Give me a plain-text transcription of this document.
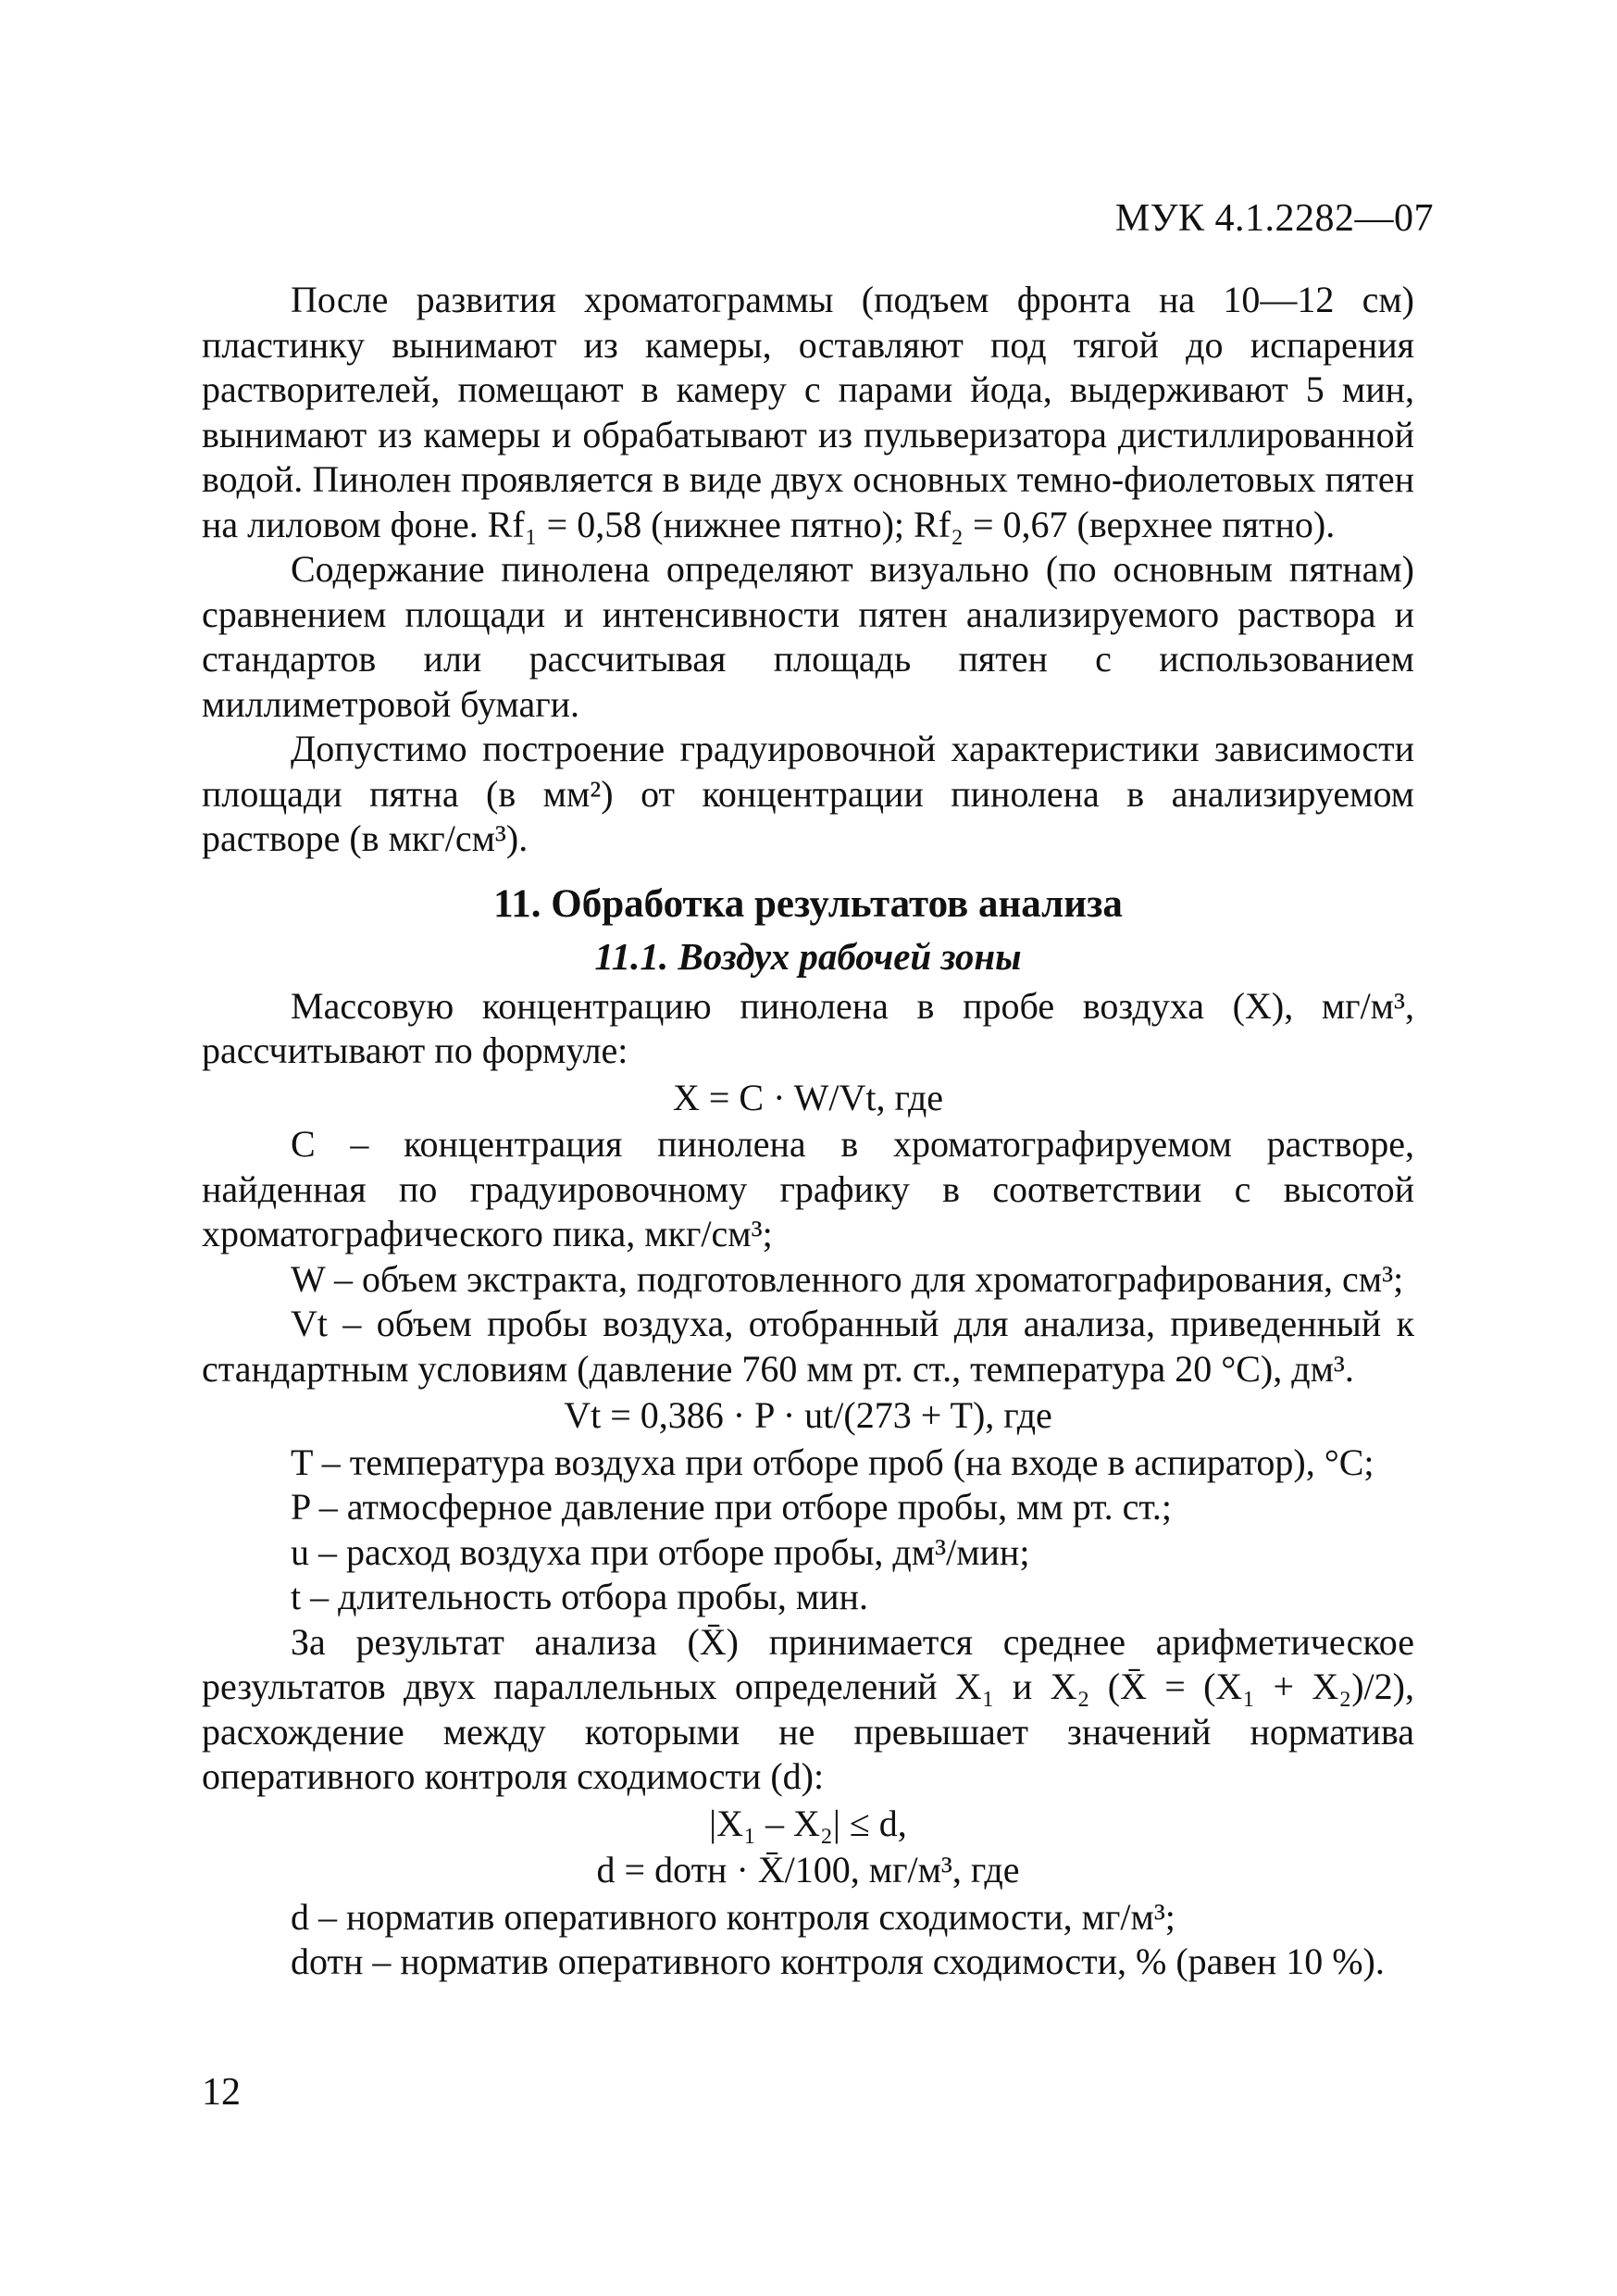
МУК 4.1.2282—07

После развития хроматограммы (подъем фронта на 10—12 см) пластинку вынимают из камеры, оставляют под тягой до испарения растворителей, помещают в камеру с парами йода, выдерживают 5 мин, вынимают из камеры и обрабатывают из пульверизатора дистиллированной водой. Пинолен проявляется в виде двух основных темно-фиолетовых пятен на лиловом фоне. Rf₁ = 0,58 (нижнее пятно); Rf₂ = 0,67 (верхнее пятно).

Содержание пинолена определяют визуально (по основным пятнам) сравнением площади и интенсивности пятен анализируемого раствора и стандартов или рассчитывая площадь пятен с использованием миллиметровой бумаги.

Допустимо построение градуировочной характеристики зависимости площади пятна (в мм²) от концентрации пинолена в анализируемом растворе (в мкг/см³).

11. Обработка результатов анализа
11.1. Воздух рабочей зоны

Массовую концентрацию пинолена в пробе воздуха (X), мг/м³, рассчитывают по формуле:

X = C · W/Vt, где

C – концентрация пинолена в хроматографируемом растворе, найденная по градуировочному графику в соответствии с высотой хроматографического пика, мкг/см³;

W – объем экстракта, подготовленного для хроматографирования, см³;

Vt – объем пробы воздуха, отобранный для анализа, приведенный к стандартным условиям (давление 760 мм рт. ст., температура 20 °С), дм³.

Vt = 0,386 · P · ut/(273 + T), где

T – температура воздуха при отборе проб (на входе в аспиратор), °С;

P – атмосферное давление при отборе пробы, мм рт. ст.;

u – расход воздуха при отборе пробы, дм³/мин;

t – длительность отбора пробы, мин.

За результат анализа (X̄) принимается среднее арифметическое результатов двух параллельных определений X₁ и X₂ (X̄ = (X₁ + X₂)/2), расхождение между которыми не превышает значений норматива оперативного контроля сходимости (d):

|X₁ – X₂| ≤ d,
d = dотн · X̄/100, мг/м³, где

d – норматив оперативного контроля сходимости, мг/м³;

dотн – норматив оперативного контроля сходимости, % (равен 10 %).

12
